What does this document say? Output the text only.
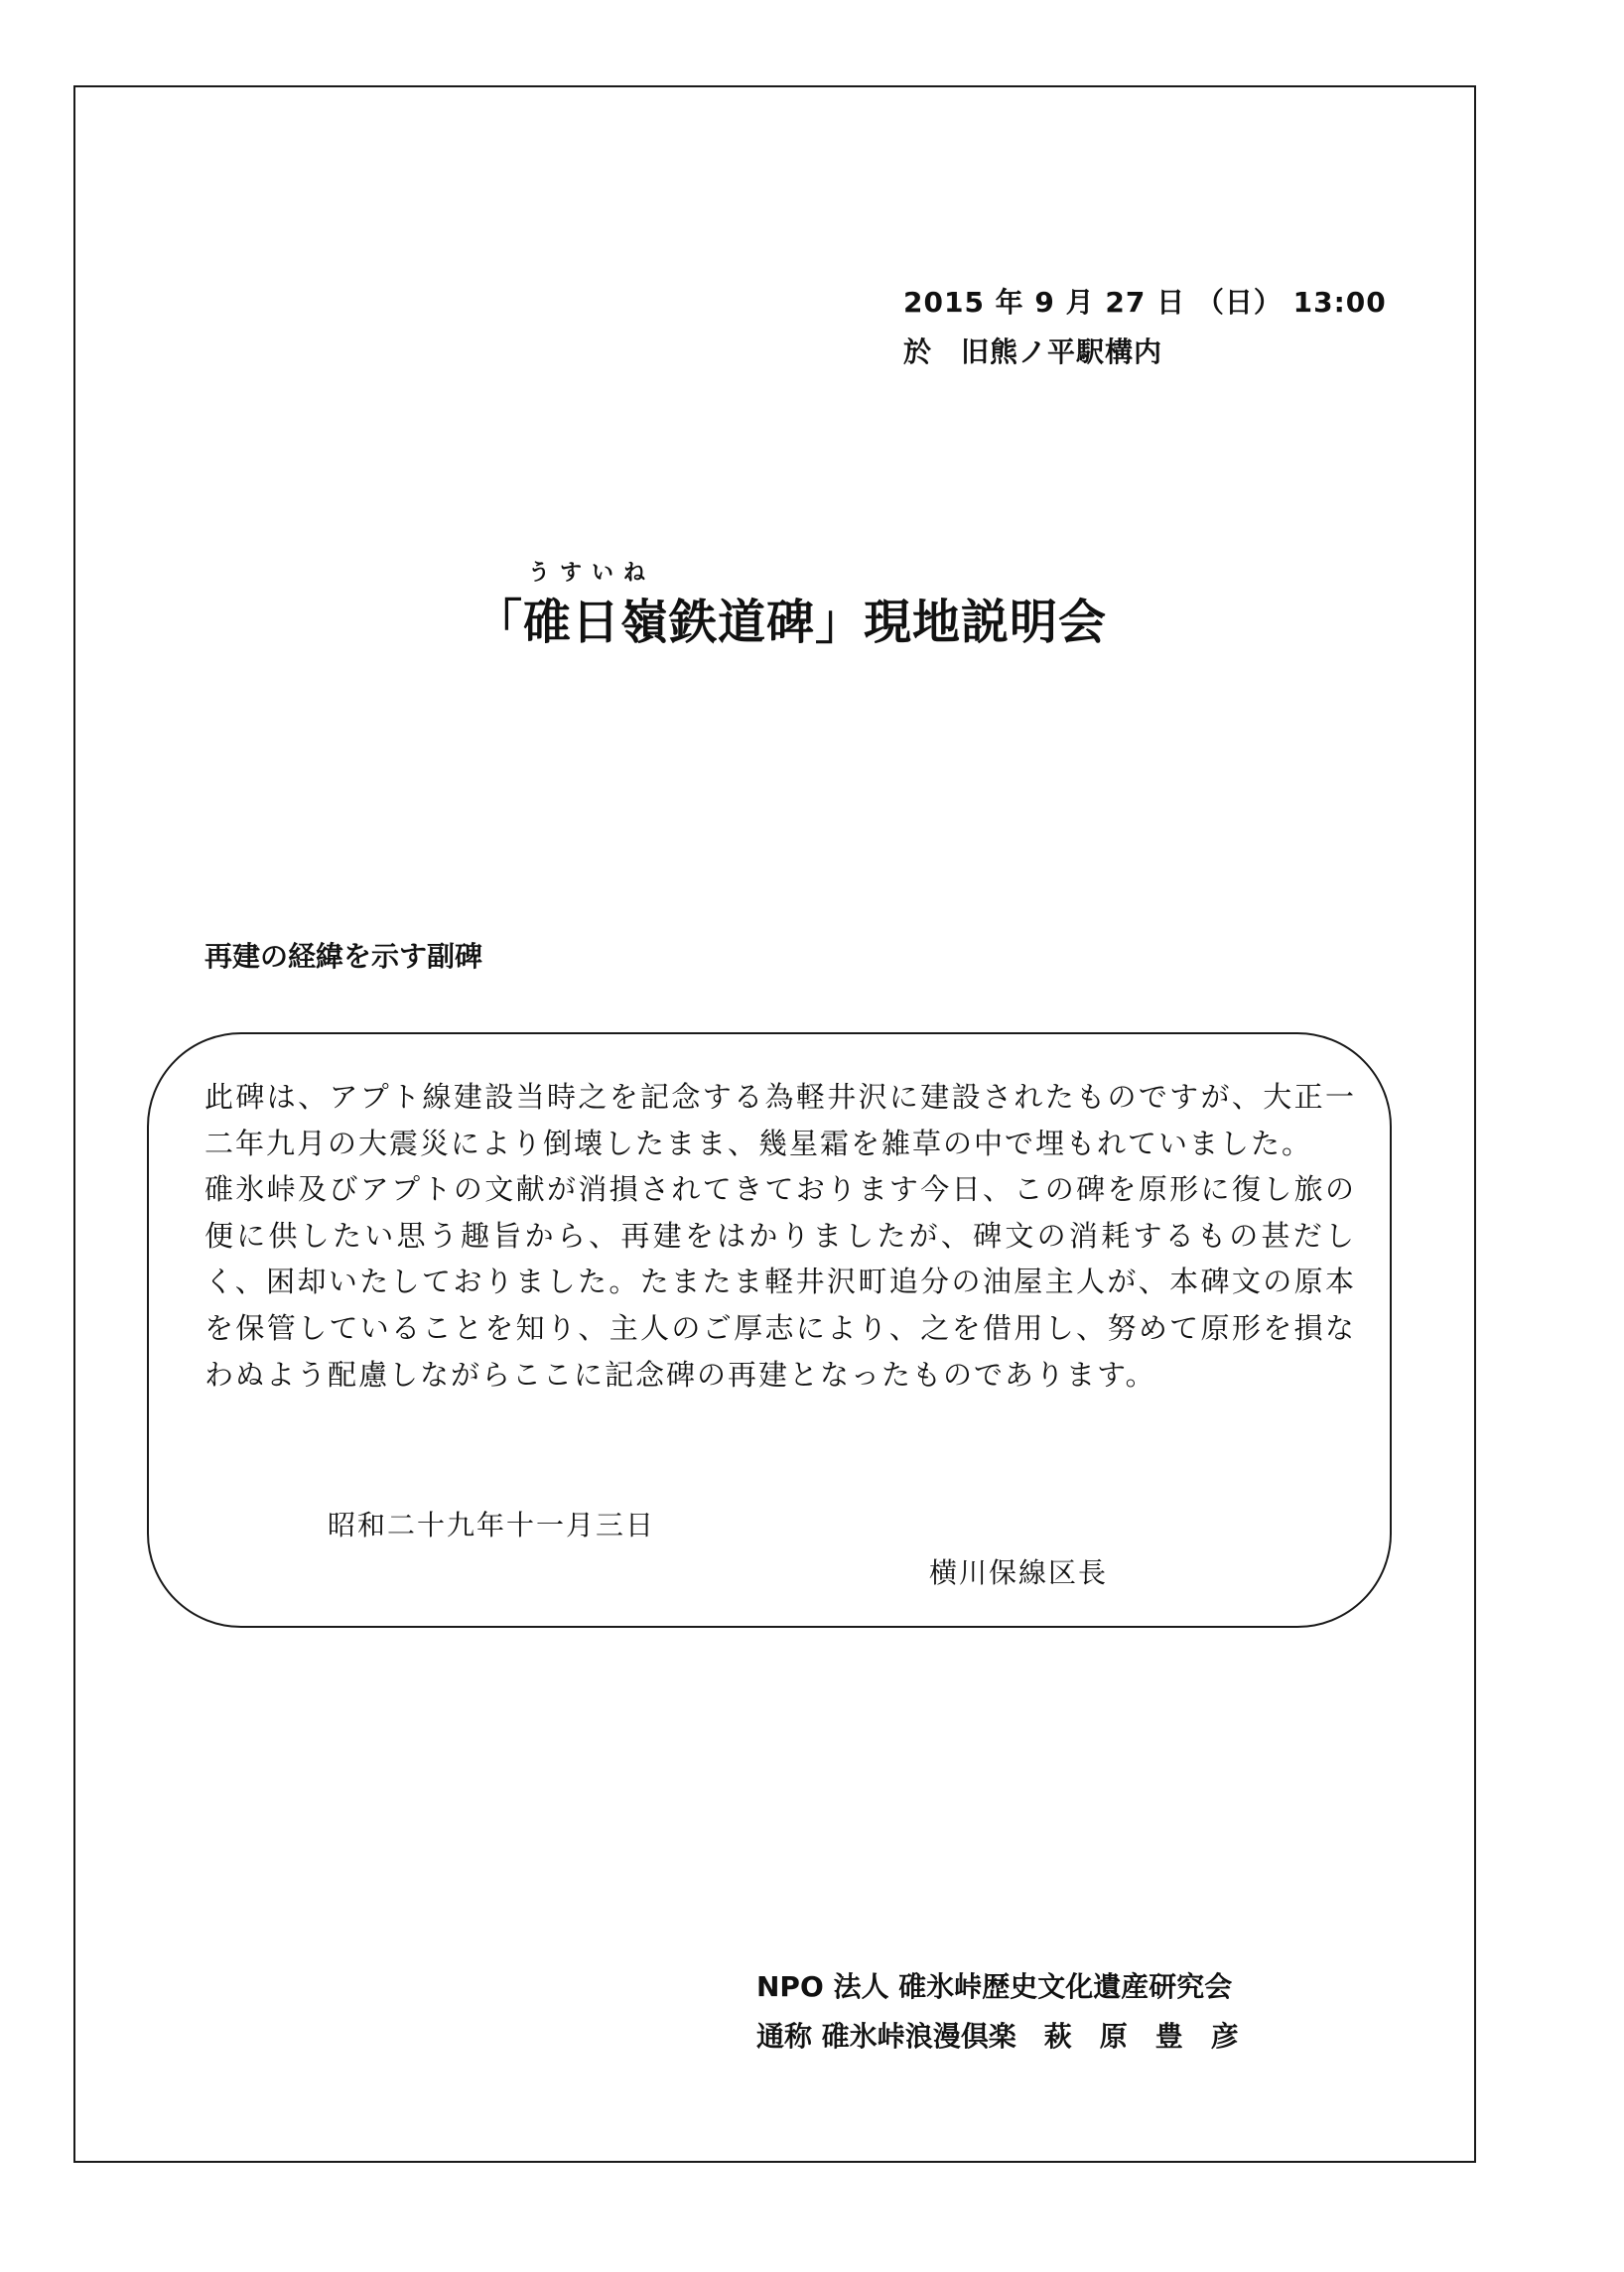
2015 年 9 月 27 日 （日） 13:00
於　旧熊ノ平駅構内
うすいね
「碓日嶺鉄道碑」現地説明会
再建の経緯を示す副碑

此碑は、アプト線建設当時之を記念する為軽井沢に建設されたものですが、大正一二年九月の大震災により倒壊したまま、幾星霜を雑草の中で埋もれていました。

碓氷峠及びアプトの文献が消損されてきております今日、この碑を原形に復し旅の便に供したい思う趣旨から、再建をはかりましたが、碑文の消耗するもの甚だしく、困却いたしておりました。たまたま軽井沢町追分の油屋主人が、本碑文の原本を保管していることを知り、主人のご厚志により、之を借用し、努めて原形を損なわぬよう配慮しながらここに記念碑の再建となったものであります。

昭和二十九年十一月三日
横川保線区長
NPO 法人 碓氷峠歴史文化遺産研究会
通称 碓氷峠浪漫倶楽　萩　原　豊　彦
